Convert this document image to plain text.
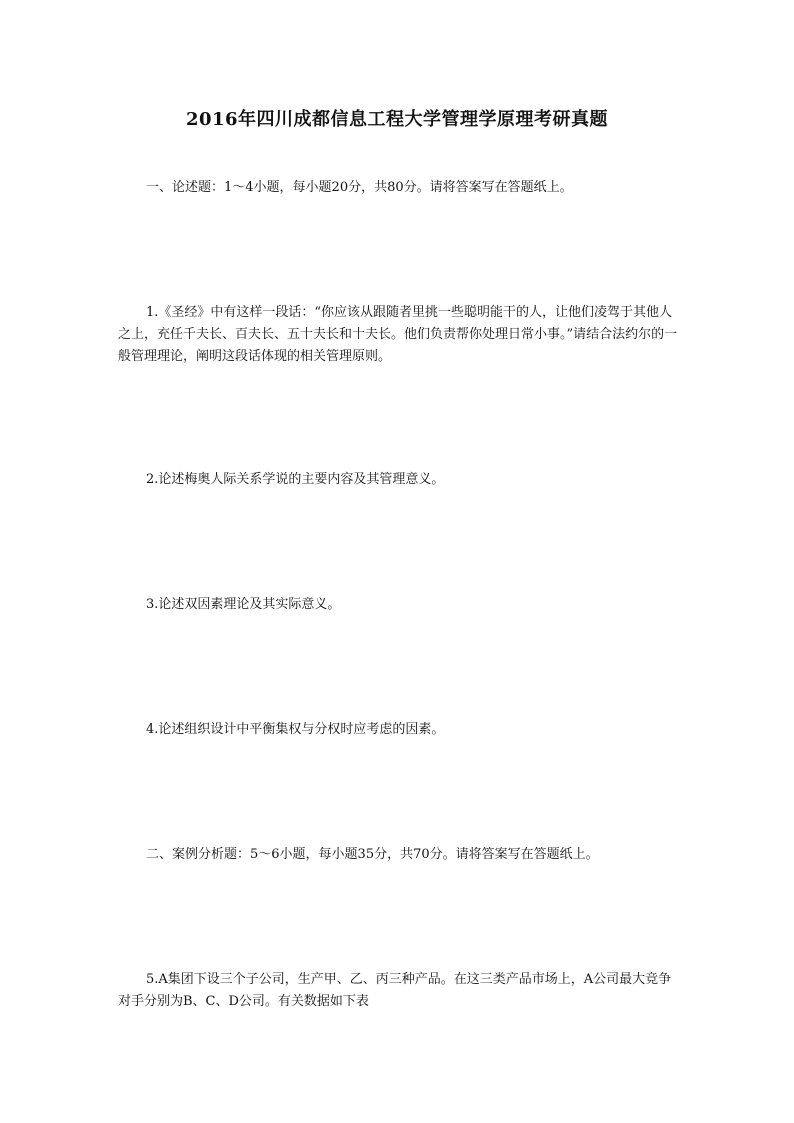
2016年四川成都信息工程大学管理学原理考研真题

一、论述题：1～4小题，每小题20分，共80分。请将答案写在答题纸上。

1.《圣经》中有这样一段话：“你应该从跟随者里挑一些聪明能干的人，让他们凌驾于其他人之上，充任千夫长、百夫长、五十夫长和十夫长。他们负责帮你处理日常小事。”请结合法约尔的一般管理理论，阐明这段话体现的相关管理原则。

2.论述梅奥人际关系学说的主要内容及其管理意义。

3.论述双因素理论及其实际意义。

4.论述组织设计中平衡集权与分权时应考虑的因素。

二、案例分析题：5～6小题，每小题35分，共70分。请将答案写在答题纸上。

5.A集团下设三个子公司，生产甲、乙、丙三种产品。在这三类产品市场上，A公司最大竞争对手分别为B、C、D公司。有关数据如下表
